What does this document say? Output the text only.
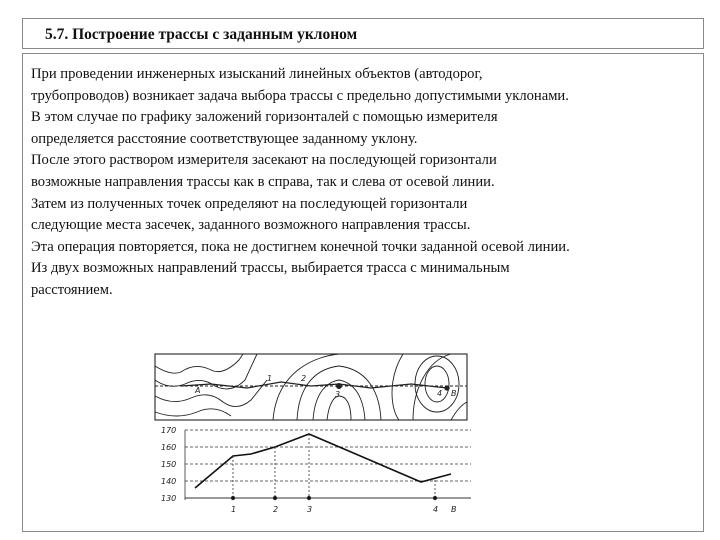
5.7. Построение трассы с заданным уклоном
При проведении инженерных изысканий линейных объектов (автодорог,
трубопроводов) возникает задача выбора трассы с предельно допустимыми уклонами.
В этом случае по графику заложений горизонталей с помощью измерителя
определяется расстояние соответствующее заданному уклону.
После этого раствором измерителя засекают на последующей горизонтали
возможные направления трассы как в справа, так и слева от осевой линии.
Затем из полученных точек определяют на последующей горизонтали
следующие места засечек, заданного возможного направления трассы.
Эта операция повторяется, пока не достигнем конечной точки заданной осевой линии.
Из двух возможных направлений трассы, выбирается трасса с минимальным
расстоянием.
А
1	2
3	4 В
170
160
150
140
130
1	2	3	4 В
